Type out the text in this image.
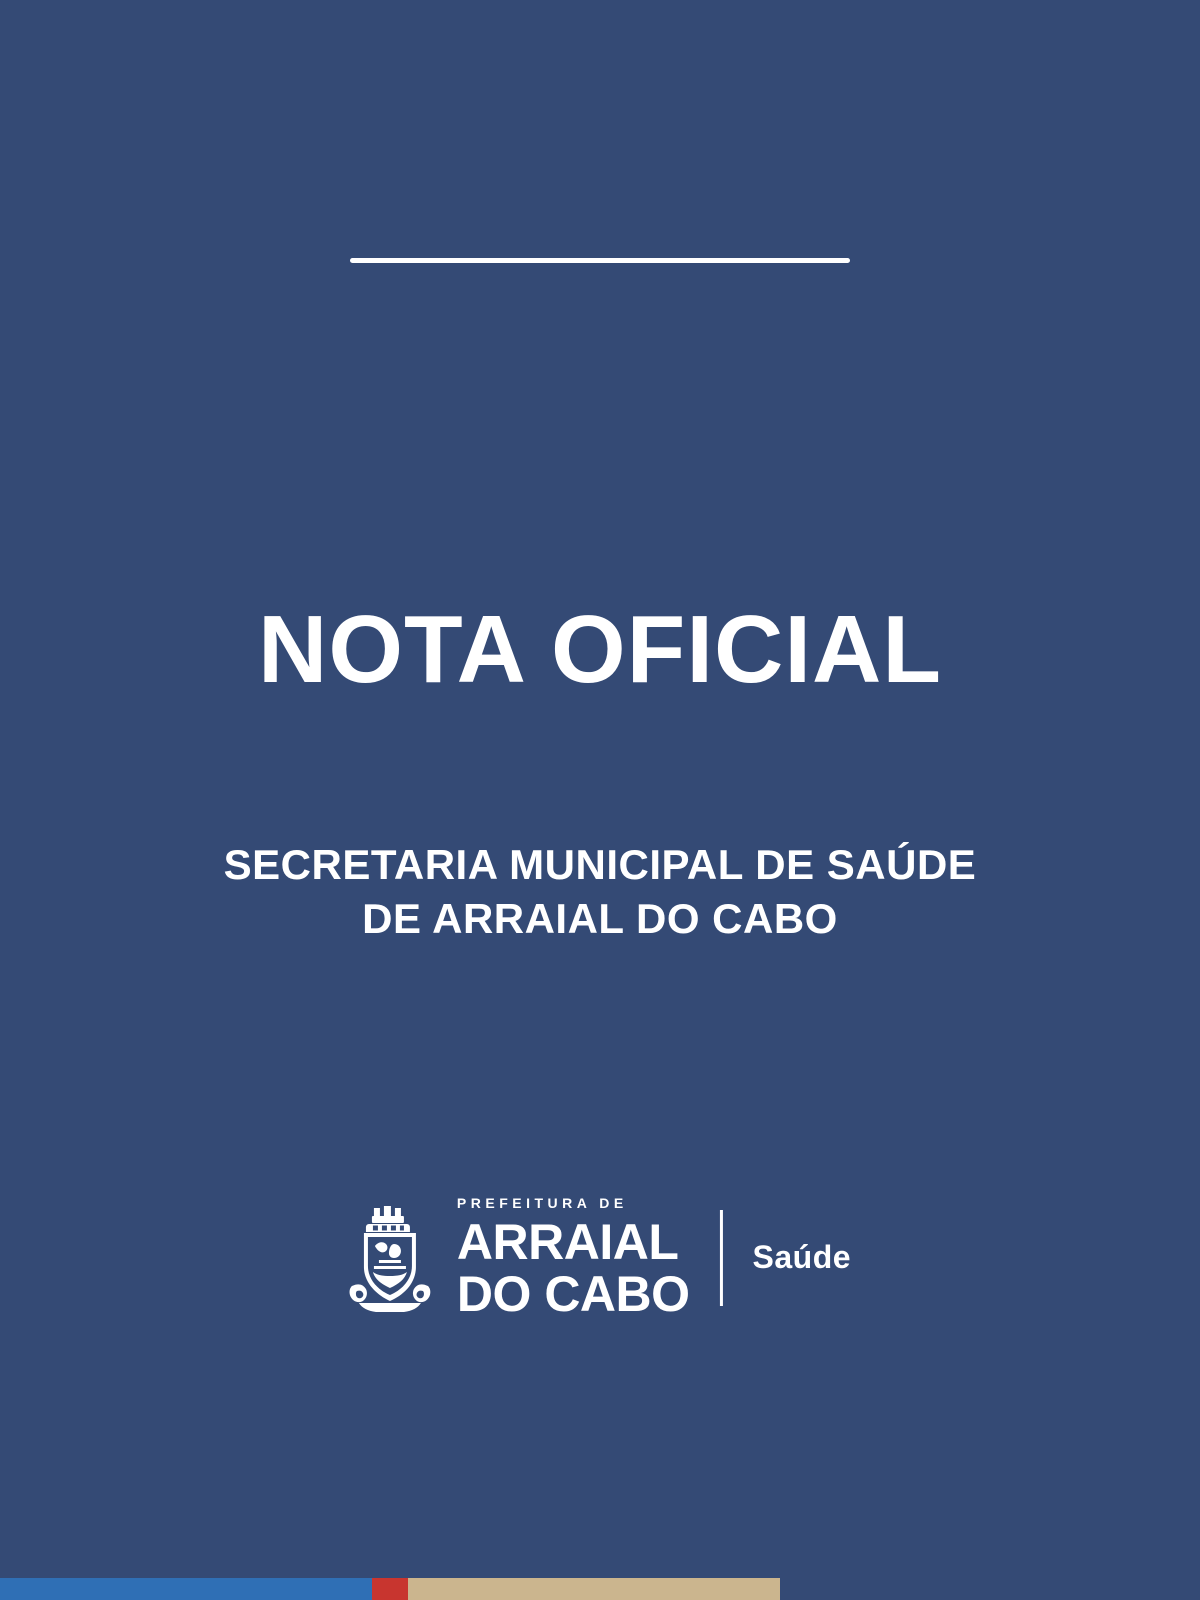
NOTA OFICIAL

SECRETARIA MUNICIPAL DE SAÚDE

DE ARRAIAL DO CABO

PREFEITURA DE
ARRAIAL
DO CABO
Saúde
